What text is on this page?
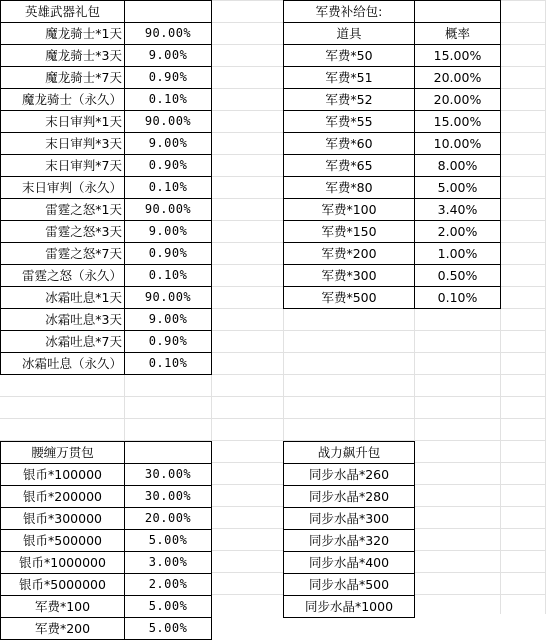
英雄武器礼包	
魔龙骑士*1天	90.00%
魔龙骑士*3天	9.00%
魔龙骑士*7天	0.90%
魔龙骑士（永久）	0.10%
末日审判*1天	90.00%
末日审判*3天	9.00%
末日审判*7天	0.90%
末日审判（永久）	0.10%
雷霆之怒*1天	90.00%
雷霆之怒*3天	9.00%
雷霆之怒*7天	0.90%
雷霆之怒（永久）	0.10%
冰霜吐息*1天	90.00%
冰霜吐息*3天	9.00%
冰霜吐息*7天	0.90%
冰霜吐息（永久）	0.10%
军费补给包:	
道具	概率
军费*50	15.00%
军费*51	20.00%
军费*52	20.00%
军费*55	15.00%
军费*60	10.00%
军费*65	8.00%
军费*80	5.00%
军费*100	3.40%
军费*150	2.00%
军费*200	1.00%
军费*300	0.50%
军费*500	0.10%
腰缠万贯包	
银币*100000	30.00%
银币*200000	30.00%
银币*300000	20.00%
银币*500000	5.00%
银币*1000000	3.00%
银币*5000000	2.00%
军费*100	5.00%
军费*200	5.00%
战力飙升包
同步水晶*260
同步水晶*280
同步水晶*300
同步水晶*320
同步水晶*400
同步水晶*500
同步水晶*1000
